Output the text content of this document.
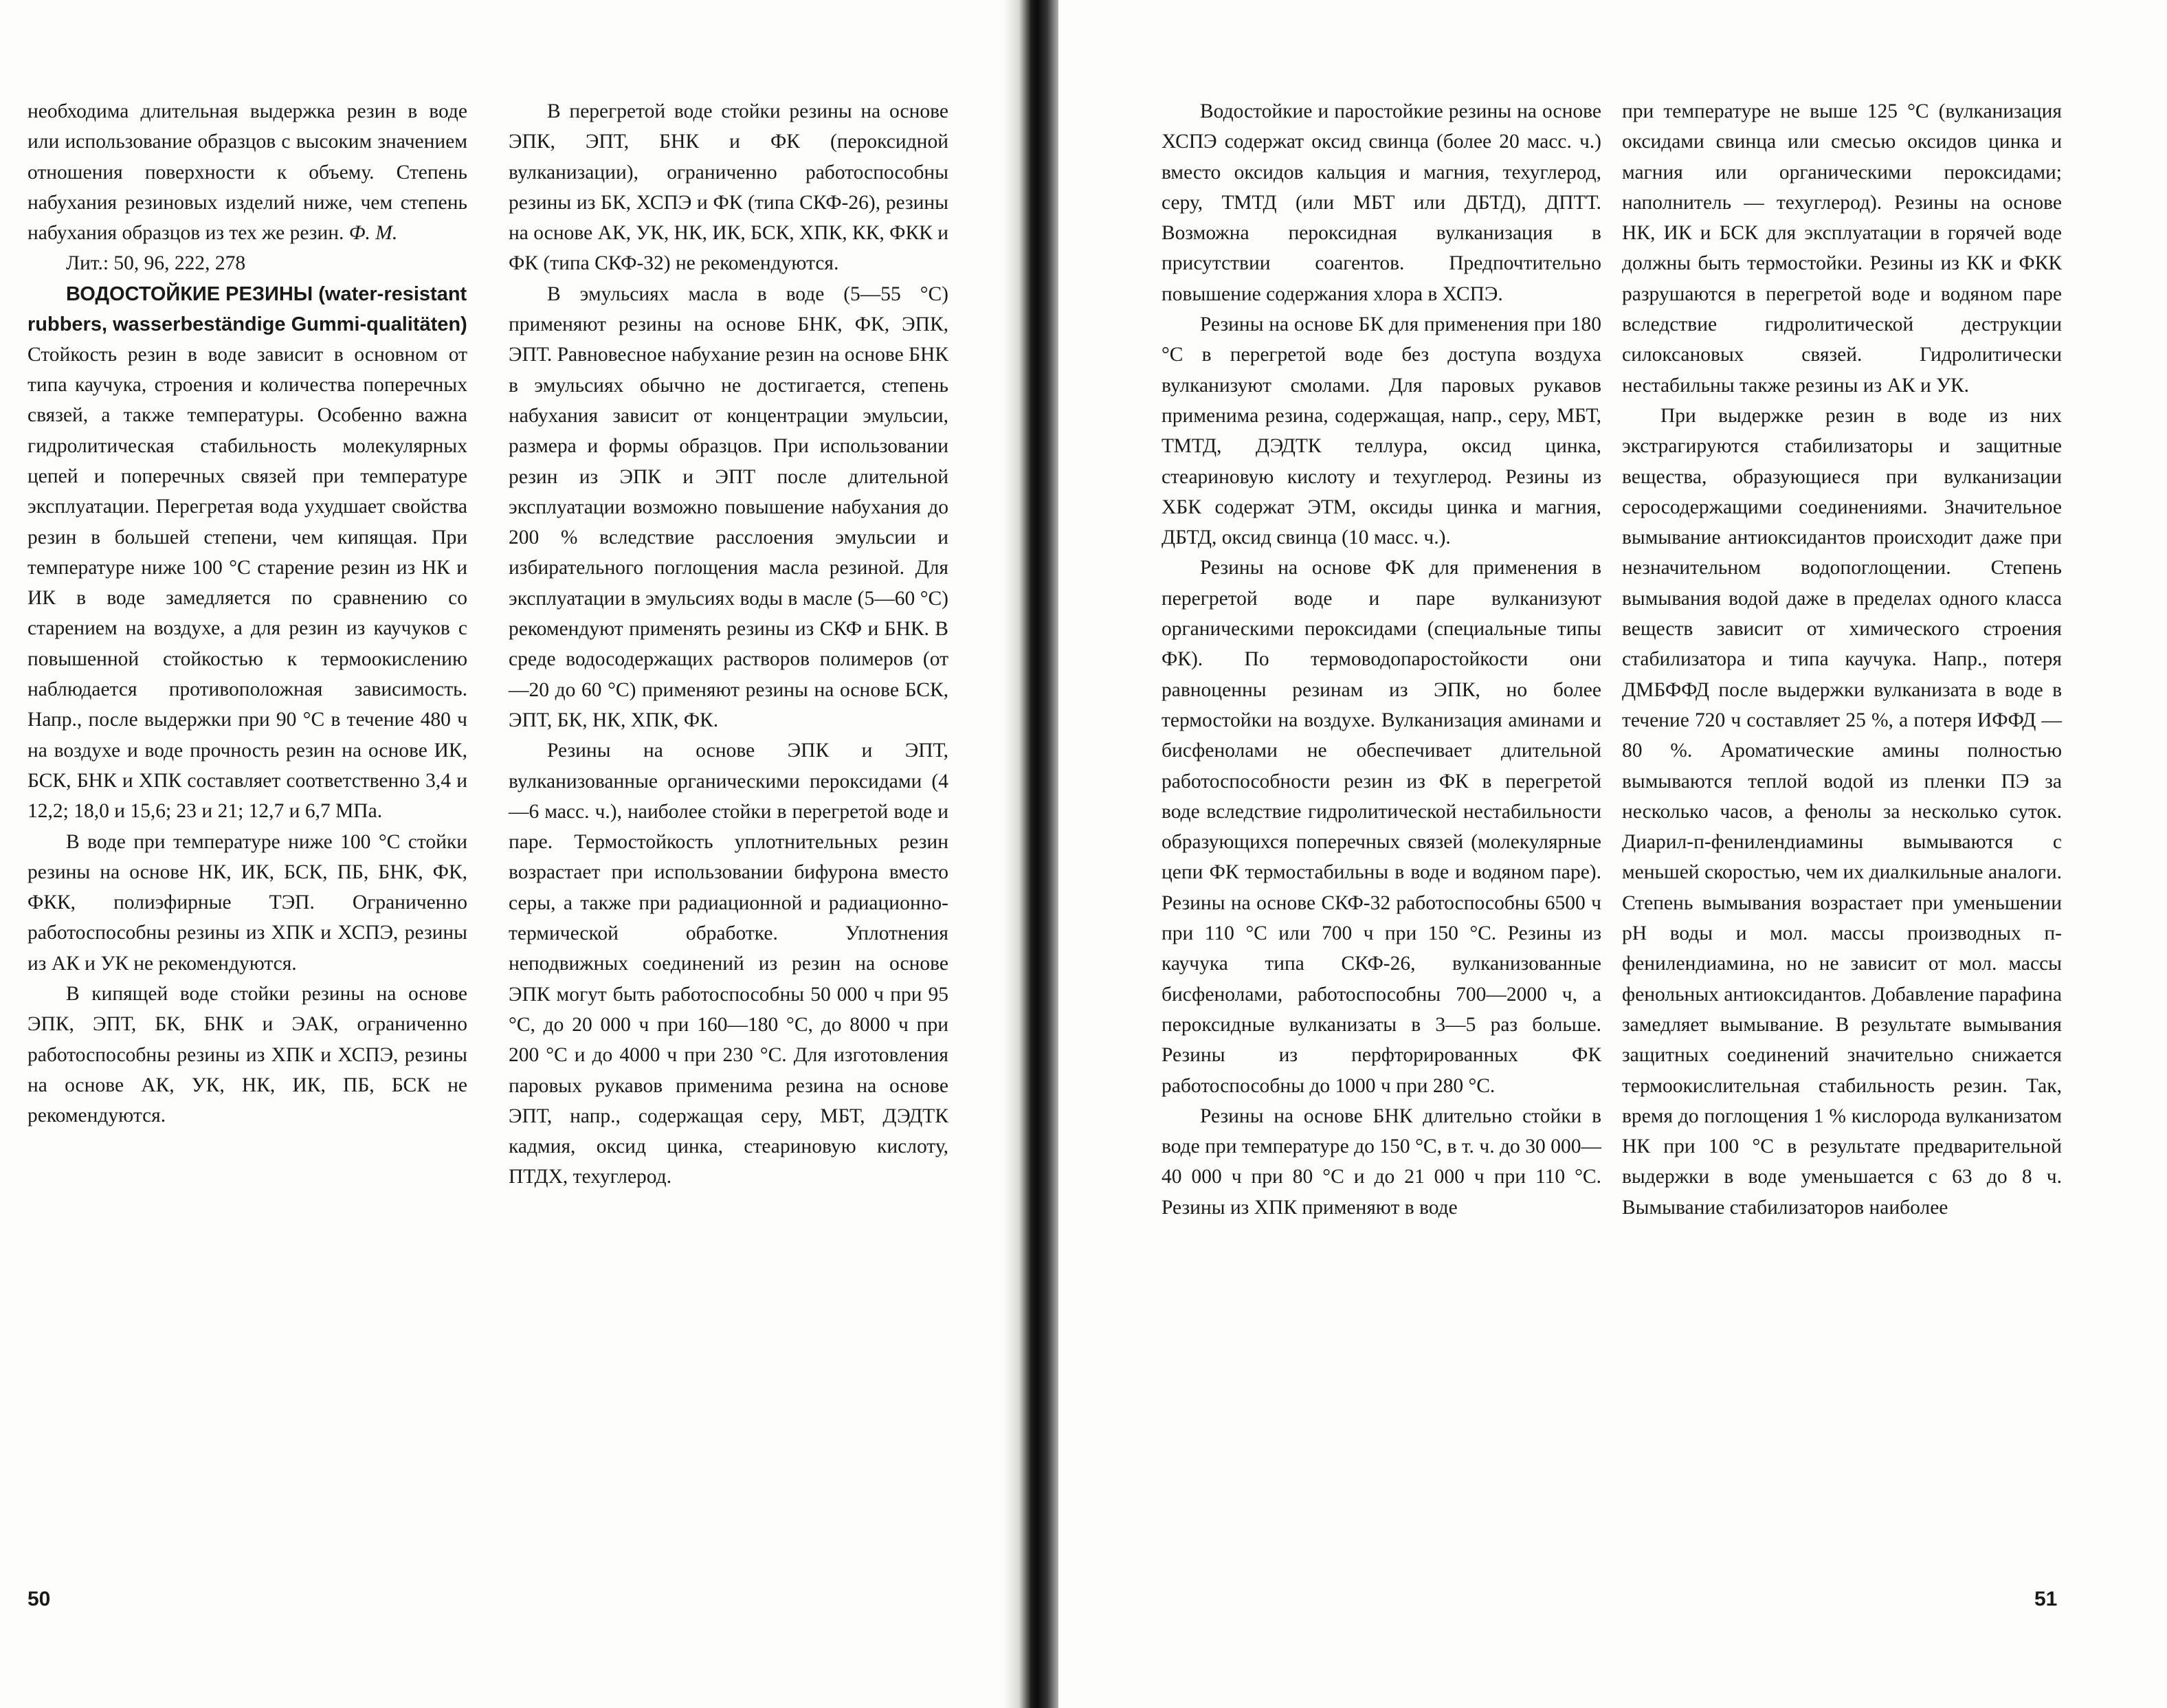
необходима длительная выдержка резин в воде или использование образцов с высоким значением отношения поверхности к объему. Степень набухания резиновых изделий ниже, чем степень набухания образцов из тех же резин. Ф. М.

Лит.: 50, 96, 222, 278

ВОДОСТОЙКИЕ РЕЗИНЫ (water-resistant rubbers, wasserbeständige Gummi-qualitäten)

Стойкость резин в воде зависит в основном от типа каучука, строения и количества поперечных связей, а также температуры. Особенно важна гидролитическая стабильность молекулярных цепей и поперечных связей при температуре эксплуатации. Перегретая вода ухудшает свойства резин в большей степени, чем кипящая. При температуре ниже 100 °С старение резин из НК и ИК в воде замедляется по сравнению со старением на воздухе, а для резин из каучуков с повышенной стойкостью к термоокислению наблюдается противоположная зависимость. Напр., после выдержки при 90 °С в течение 480 ч на воздухе и воде прочность резин на основе ИК, БСК, БНК и ХПК составляет соответственно 3,4 и 12,2; 18,0 и 15,6; 23 и 21; 12,7 и 6,7 МПа.

В воде при температуре ниже 100 °С стойки резины на основе НК, ИК, БСК, ПБ, БНК, ФК, ФКК, полиэфирные ТЭП. Ограниченно работоспособны резины из ХПК и ХСПЭ, резины из АК и УК не рекомендуются.

В кипящей воде стойки резины на основе ЭПК, ЭПТ, БК, БНК и ЭАК, ограниченно работоспособны резины из ХПК и ХСПЭ, резины на основе АК, УК, НК, ИК, ПБ, БСК не рекомендуются.

В перегретой воде стойки резины на основе ЭПК, ЭПТ, БНК и ФК (пероксидной вулканизации), ограниченно работоспособны резины из БК, ХСПЭ и ФК (типа СКФ-26), резины на основе АК, УК, НК, ИК, БСК, ХПК, КК, ФКК и ФК (типа СКФ-32) не рекомендуются.

В эмульсиях масла в воде (5—55 °С) применяют резины на основе БНК, ФК, ЭПК, ЭПТ. Равновесное набухание резин на основе БНК в эмульсиях обычно не достигается, степень набухания зависит от концентрации эмульсии, размера и формы образцов. При использовании резин из ЭПК и ЭПТ после длительной эксплуатации возможно повышение набухания до 200 % вследствие расслоения эмульсии и избирательного поглощения масла резиной. Для эксплуатации в эмульсиях воды в масле (5—60 °С) рекомендуют применять резины из СКФ и БНК. В среде водосодержащих растворов полимеров (от —20 до 60 °С) применяют резины на основе БСК, ЭПТ, БК, НК, ХПК, ФК.

Резины на основе ЭПК и ЭПТ, вулканизованные органическими пероксидами (4—6 масс. ч.), наиболее стойки в перегретой воде и паре. Термостойкость уплотнительных резин возрастает при использовании бифурона вместо серы, а также при радиационной и радиационно-термической обработке. Уплотнения неподвижных соединений из резин на основе ЭПК могут быть работоспособны 50 000 ч при 95 °С, до 20 000 ч при 160—180 °С, до 8000 ч при 200 °С и до 4000 ч при 230 °С. Для изготовления паровых рукавов применима резина на основе ЭПТ, напр., содержащая серу, МБТ, ДЭДТК кадмия, оксид цинка, стеариновую кислоту, ПТДХ, техуглерод.

50

Водостойкие и паростойкие резины на основе ХСПЭ содержат оксид свинца (более 20 масс. ч.) вместо оксидов кальция и магния, техуглерод, серу, ТМТД (или МБТ или ДБТД), ДПТТ. Возможна пероксидная вулканизация в присутствии соагентов. Предпочтительно повышение содержания хлора в ХСПЭ.

Резины на основе БК для применения при 180 °С в перегретой воде без доступа воздуха вулканизуют смолами. Для паровых рукавов применима резина, содержащая, напр., серу, МБТ, ТМТД, ДЭДТК теллура, оксид цинка, стеариновую кислоту и техуглерод. Резины из ХБК содержат ЭТМ, оксиды цинка и магния, ДБТД, оксид свинца (10 масс. ч.).

Резины на основе ФК для применения в перегретой воде и паре вулканизуют органическими пероксидами (специальные типы ФК). По термоводопаростойкости они равноценны резинам из ЭПК, но более термостойки на воздухе. Вулканизация аминами и бисфенолами не обеспечивает длительной работоспособности резин из ФК в перегретой воде вследствие гидролитической нестабильности образующихся поперечных связей (молекулярные цепи ФК термостабильны в воде и водяном паре). Резины на основе СКФ-32 работоспособны 6500 ч при 110 °С или 700 ч при 150 °С. Резины из каучука типа СКФ-26, вулканизованные бисфенолами, работоспособны 700—2000 ч, а пероксидные вулканизаты в 3—5 раз больше. Резины из перфторированных ФК работоспособны до 1000 ч при 280 °С.

Резины на основе БНК длительно стойки в воде при температуре до 150 °С, в т. ч. до 30 000—40 000 ч при 80 °С и до 21 000 ч при 110 °С. Резины из ХПК применяют в воде

при температуре не выше 125 °С (вулканизация оксидами свинца или смесью оксидов цинка и магния или органическими пероксидами; наполнитель — техуглерод). Резины на основе НК, ИК и БСК для эксплуатации в горячей воде должны быть термостойки. Резины из КК и ФКК разрушаются в перегретой воде и водяном паре вследствие гидролитической деструкции силоксановых связей. Гидролитически нестабильны также резины из АК и УК.

При выдержке резин в воде из них экстрагируются стабилизаторы и защитные вещества, образующиеся при вулканизации серосодержащими соединениями. Значительное вымывание антиоксидантов происходит даже при незначительном водопоглощении. Степень вымывания водой даже в пределах одного класса веществ зависит от химического строения стабилизатора и типа каучука. Напр., потеря ДМБФФД после выдержки вулканизата в воде в течение 720 ч составляет 25 %, а потеря ИФФД — 80 %. Ароматические амины полностью вымываются теплой водой из пленки ПЭ за несколько часов, а фенолы за несколько суток. Диарил-п-фенилендиамины вымываются с меньшей скоростью, чем их диалкильные аналоги. Степень вымывания возрастает при уменьшении pH воды и мол. массы производных п-фенилендиамина, но не зависит от мол. массы фенольных антиоксидантов. Добавление парафина замедляет вымывание. В результате вымывания защитных соединений значительно снижается термоокислительная стабильность резин. Так, время до поглощения 1 % кислорода вулканизатом НК при 100 °С в результате предварительной выдержки в воде уменьшается с 63 до 8 ч. Вымывание стабилизаторов наиболее

51
